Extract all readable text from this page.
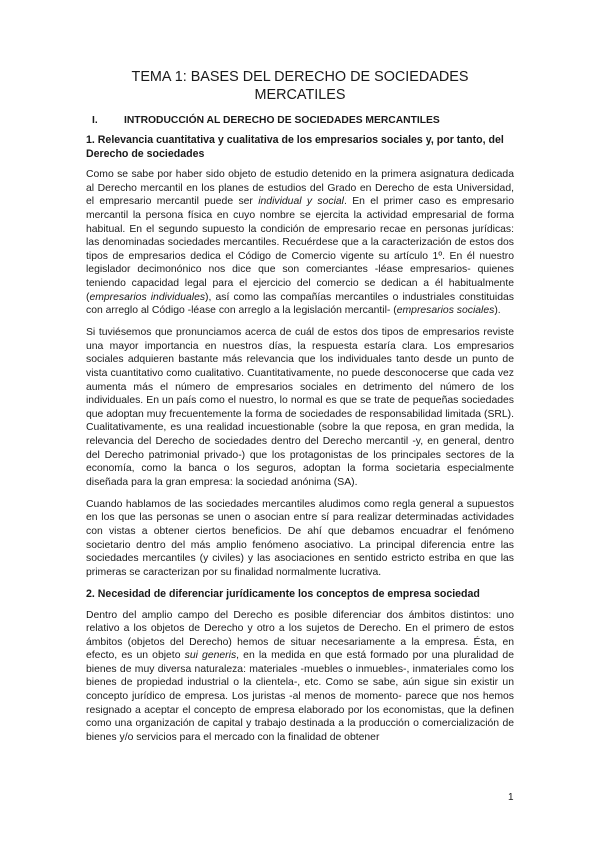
TEMA 1: BASES DEL DERECHO DE SOCIEDADES MERCATILES
I.	INTRODUCCIÓN AL DERECHO DE SOCIEDADES MERCANTILES
1. Relevancia cuantitativa y cualitativa de los empresarios sociales y, por tanto, del Derecho de sociedades

Como se sabe por haber sido objeto de estudio detenido en la primera asignatura dedicada al Derecho mercantil en los planes de estudios del Grado en Derecho de esta Universidad, el empresario mercantil puede ser individual y social. En el primer caso es empresario mercantil la persona física en cuyo nombre se ejercita la actividad empresarial de forma habitual. En el segundo supuesto la condición de empresario recae en personas jurídicas: las denominadas sociedades mercantiles. Recuérdese que a la caracterización de estos dos tipos de empresarios dedica el Código de Comercio vigente su artículo 1º. En él nuestro legislador decimonónico nos dice que son comerciantes -léase empresarios- quienes teniendo capacidad legal para el ejercicio del comercio se dedican a él habitualmente (empresarios individuales), así como las compañías mercantiles o industriales constituidas con arreglo al Código -léase con arreglo a la legislación mercantil- (empresarios sociales).

Si tuviésemos que pronunciamos acerca de cuál de estos dos tipos de empresarios reviste una mayor importancia en nuestros días, la respuesta estaría clara. Los empresarios sociales adquieren bastante más relevancia que los individuales tanto desde un punto de vista cuantitativo como cualitativo. Cuantitativamente, no puede desconocerse que cada vez aumenta más el número de empresarios sociales en detrimento del número de los individuales. En un país como el nuestro, lo normal es que se trate de pequeñas sociedades que adoptan muy frecuentemente la forma de sociedades de responsabilidad limitada (SRL). Cualitativamente, es una realidad incuestionable (sobre la que reposa, en gran medida, la relevancia del Derecho de sociedades dentro del Derecho mercantil -y, en general, dentro del Derecho patrimonial privado-) que los protagonistas de los principales sectores de la economía, como la banca o los seguros, adoptan la forma societaria especialmente diseñada para la gran empresa: la sociedad anónima (SA).

Cuando hablamos de las sociedades mercantiles aludimos como regla general a supuestos en los que las personas se unen o asocian entre sí para realizar determinadas actividades con vistas a obtener ciertos beneficios. De ahí que debamos encuadrar el fenómeno societario dentro del más amplio fenómeno asociativo. La principal diferencia entre las sociedades mercantiles (y civiles) y las asociaciones en sentido estricto estriba en que las primeras se caracterizan por su finalidad normalmente lucrativa.

2. Necesidad de diferenciar jurídicamente los conceptos de empresa sociedad

Dentro del amplio campo del Derecho es posible diferenciar dos ámbitos distintos: uno relativo a los objetos de Derecho y otro a los sujetos de Derecho. En el primero de estos ámbitos (objetos del Derecho) hemos de situar necesariamente a la empresa. Ésta, en efecto, es un objeto sui generis, en la medida en que está formado por una pluralidad de bienes de muy diversa naturaleza: materiales -muebles o inmuebles-, inmateriales como los bienes de propiedad industrial o la clientela-, etc. Como se sabe, aún sigue sin existir un concepto jurídico de empresa. Los juristas -al menos de momento- parece que nos hemos resignado a aceptar el concepto de empresa elaborado por los economistas, que la definen como una organización de capital y trabajo destinada a la producción o comercialización de bienes y/o servicios para el mercado con la finalidad de obtener

1
